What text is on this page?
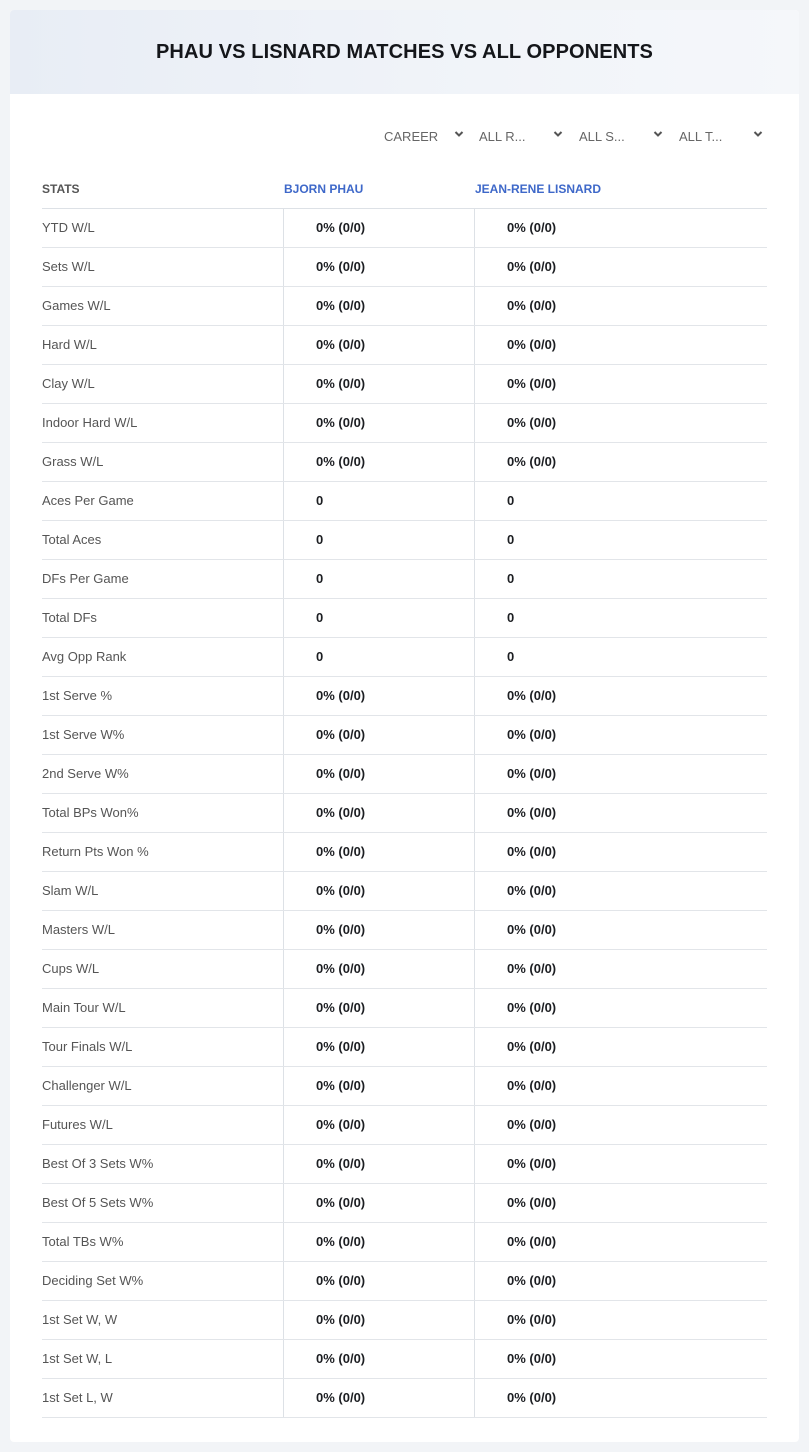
PHAU VS LISNARD MATCHES VS ALL OPPONENTS
CAREER	ALL R...	ALL S...	ALL T...
STATS	BJORN PHAU	JEAN-RENE LISNARD
YTD W/L	0% (0/0)	0% (0/0)
Sets W/L	0% (0/0)	0% (0/0)
Games W/L	0% (0/0)	0% (0/0)
Hard W/L	0% (0/0)	0% (0/0)
Clay W/L	0% (0/0)	0% (0/0)
Indoor Hard W/L	0% (0/0)	0% (0/0)
Grass W/L	0% (0/0)	0% (0/0)
Aces Per Game	0	0
Total Aces	0	0
DFs Per Game	0	0
Total DFs	0	0
Avg Opp Rank	0	0
1st Serve %	0% (0/0)	0% (0/0)
1st Serve W%	0% (0/0)	0% (0/0)
2nd Serve W%	0% (0/0)	0% (0/0)
Total BPs Won%	0% (0/0)	0% (0/0)
Return Pts Won %	0% (0/0)	0% (0/0)
Slam W/L	0% (0/0)	0% (0/0)
Masters W/L	0% (0/0)	0% (0/0)
Cups W/L	0% (0/0)	0% (0/0)
Main Tour W/L	0% (0/0)	0% (0/0)
Tour Finals W/L	0% (0/0)	0% (0/0)
Challenger W/L	0% (0/0)	0% (0/0)
Futures W/L	0% (0/0)	0% (0/0)
Best Of 3 Sets W%	0% (0/0)	0% (0/0)
Best Of 5 Sets W%	0% (0/0)	0% (0/0)
Total TBs W%	0% (0/0)	0% (0/0)
Deciding Set W%	0% (0/0)	0% (0/0)
1st Set W, W	0% (0/0)	0% (0/0)
1st Set W, L	0% (0/0)	0% (0/0)
1st Set L, W	0% (0/0)	0% (0/0)
